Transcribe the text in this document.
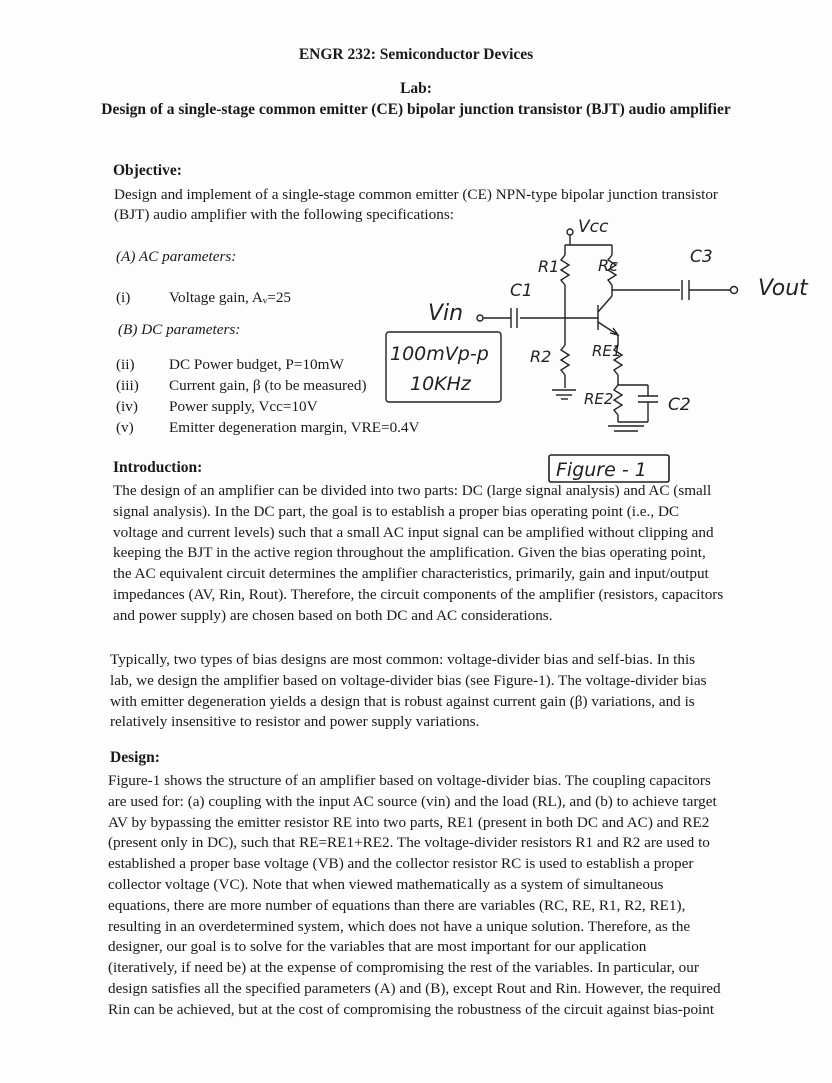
ENGR 232: Semiconductor Devices
Lab:
Design of a single-stage common emitter (CE) bipolar junction transistor (BJT) audio amplifier
Objective:
Design and implement of a single-stage common emitter (CE) NPN-type bipolar junction transistor
(BJT) audio amplifier with the following specifications:
(A) AC parameters:
(i)	Voltage gain, Aᵥ=25
(B) DC parameters:
(ii) DC Power budget, P=10mW
(iii) Current gain, β (to be measured)
(iv) Power supply, Vcc=10V
(v) Emitter degeneration margin, VRE=0.4V
Vcc
R1 Rc	C3
Vout
C1
Vin
R2	RE1
RE2	C2
100mVp-p
10KHz
Figure - 1
Introduction:
The design of an amplifier can be divided into two parts: DC (large signal analysis) and AC (small
signal analysis). In the DC part, the goal is to establish a proper bias operating point (i.e., DC
voltage and current levels) such that a small AC input signal can be amplified without clipping and
keeping the BJT in the active region throughout the amplification. Given the bias operating point,
the AC equivalent circuit determines the amplifier characteristics, primarily, gain and input/output
impedances (AV, Rin, Rout). Therefore, the circuit components of the amplifier (resistors, capacitors
and power supply) are chosen based on both DC and AC considerations.
Typically, two types of bias designs are most common: voltage-divider bias and self-bias. In this
lab, we design the amplifier based on voltage-divider bias (see Figure-1). The voltage-divider bias
with emitter degeneration yields a design that is robust against current gain (β) variations, and is
relatively insensitive to resistor and power supply variations.
Design:
Figure-1 shows the structure of an amplifier based on voltage-divider bias. The coupling capacitors
are used for: (a) coupling with the input AC source (vin) and the load (RL), and (b) to achieve target
AV by bypassing the emitter resistor RE into two parts, RE1 (present in both DC and AC) and RE2
(present only in DC), such that RE=RE1+RE2. The voltage-divider resistors R1 and R2 are used to
established a proper base voltage (VB) and the collector resistor RC is used to establish a proper
collector voltage (VC). Note that when viewed mathematically as a system of simultaneous
equations, there are more number of equations than there are variables (RC, RE, R1, R2, RE1),
resulting in an overdetermined system, which does not have a unique solution. Therefore, as the
designer, our goal is to solve for the variables that are most important for our application
(iteratively, if need be) at the expense of compromising the rest of the variables. In particular, our
design satisfies all the specified parameters (A) and (B), except Rout and Rin. However, the required
Rin can be achieved, but at the cost of compromising the robustness of the circuit against bias-point
